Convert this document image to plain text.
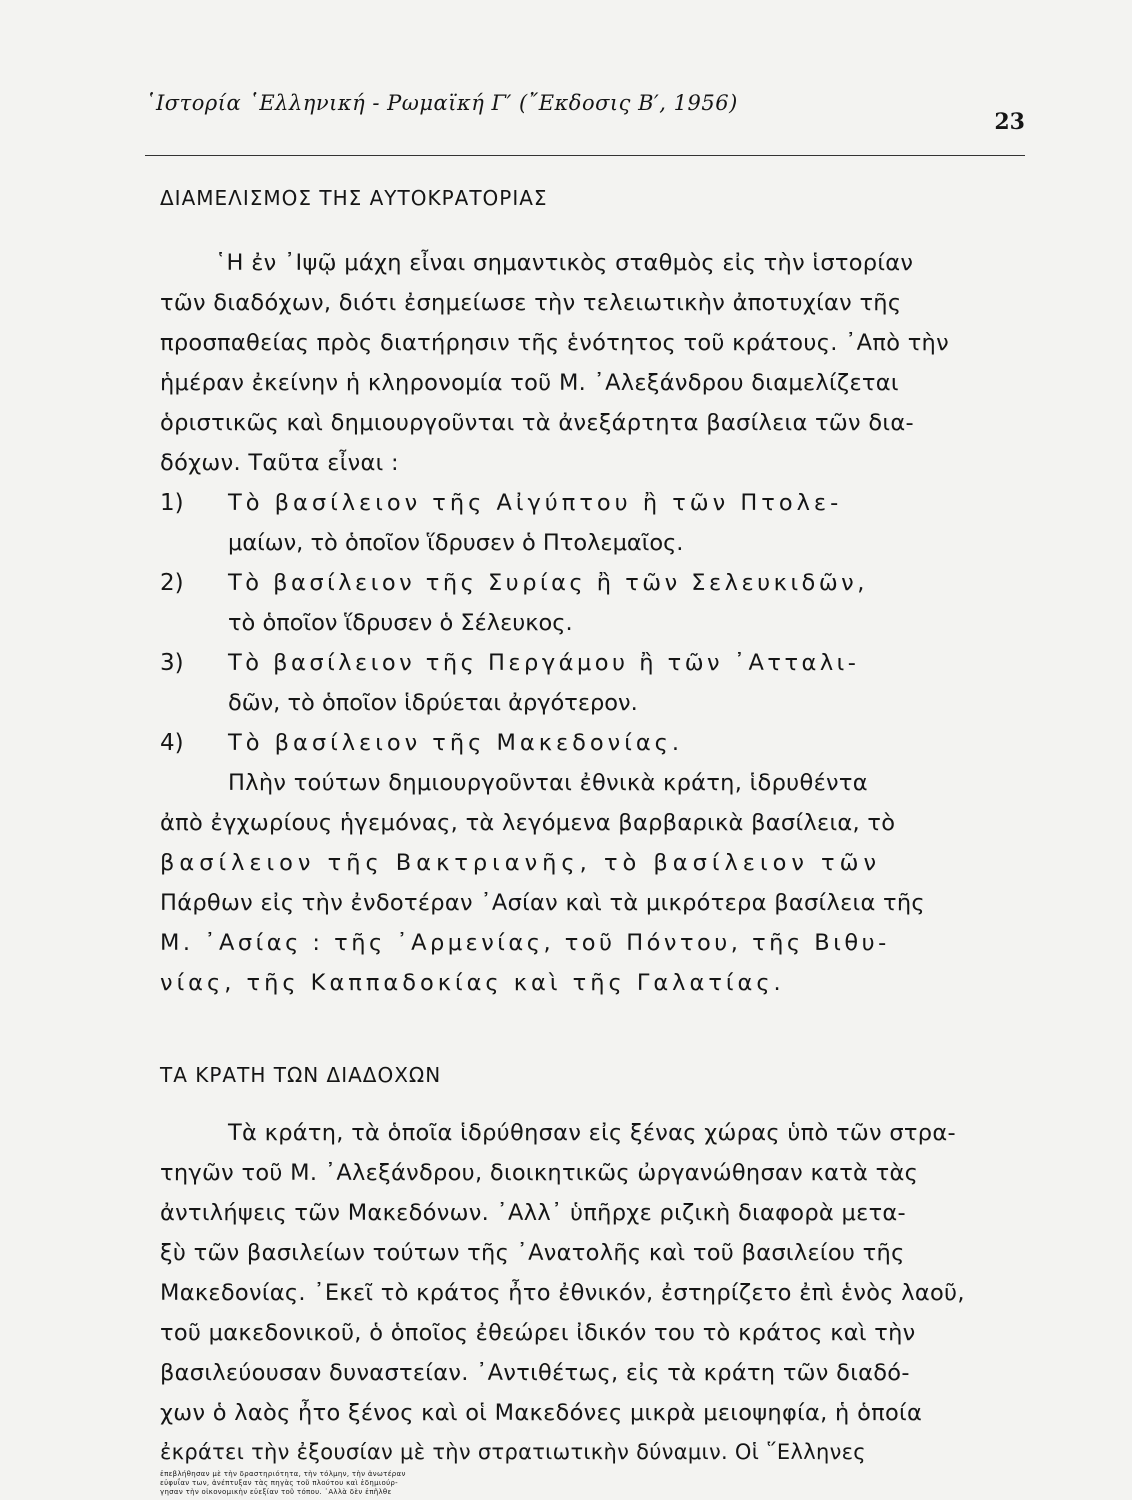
῾Ιστορία ῾Ελληνική - Ρωμαϊκή Γ′ (῎Εκδοσις Β′, 1956)
23
ΔΙΑΜΕΛΙΣΜΟΣ ΤΗΣ ΑΥΤΟΚΡΑΤΟΡΙΑΣ
῾Η ἐν ᾿Ιψῷ μάχη εἶναι σημαντικὸς σταθμὸς εἰς τὴν ἱστορίαν
τῶν διαδόχων, διότι ἐσημείωσε τὴν τελειωτικὴν ἀποτυχίαν τῆς
προσπαθείας πρὸς διατήρησιν τῆς ἑνότητος τοῦ κράτους. ᾿Απὸ τὴν
ἡμέραν ἐκείνην ἡ κληρονομία τοῦ Μ. ᾿Αλεξάνδρου διαμελίζεται
ὁριστικῶς καὶ δημιουργοῦνται τὰ ἀνεξάρτητα βασίλεια τῶν δια-
δόχων. Ταῦτα εἶναι :
1) Τὸ βασίλειον τῆς Αἰγύπτου ἢ τῶν Πτολε-
μαίων, τὸ ὁποῖον ἵδρυσεν ὁ Πτολεμαῖος.
2) Τὸ βασίλειον τῆς Συρίας ἢ τῶν Σελευκιδῶν,
τὸ ὁποῖον ἵδρυσεν ὁ Σέλευκος.
3) Τὸ βασίλειον τῆς Περγάμου ἢ τῶν ᾿Ατταλι-
δῶν, τὸ ὁποῖον ἱδρύεται ἀργότερον.
4) Τὸ βασίλειον τῆς Μακεδονίας.
Πλὴν τούτων δημιουργοῦνται ἐθνικὰ κράτη, ἱδρυθέντα
ἀπὸ ἐγχωρίους ἡγεμόνας, τὰ λεγόμενα βαρβαρικὰ βασίλεια, τὸ
βασίλειον τῆς Βακτριανῆς, τὸ βασίλειον τῶν
Πάρθων εἰς τὴν ἐνδοτέραν ᾿Ασίαν καὶ τὰ μικρότερα βασίλεια τῆς
Μ. ᾿Ασίας : τῆς ᾿Αρμενίας, τοῦ Πόντου, τῆς Βιθυ-
νίας, τῆς Καππαδοκίας καὶ τῆς Γαλατίας.
ΤΑ ΚΡΑΤΗ ΤΩΝ ΔΙΑΔΟΧΩΝ
Τὰ κράτη, τὰ ὁποῖα ἱδρύθησαν εἰς ξένας χώρας ὑπὸ τῶν στρα-
τηγῶν τοῦ Μ. ᾿Αλεξάνδρου, διοικητικῶς ὠργανώθησαν κατὰ τὰς
ἀντιλήψεις τῶν Μακεδόνων. ᾿Αλλ᾿ ὑπῆρχε ριζικὴ διαφορὰ μετα-
ξὺ τῶν βασιλείων τούτων τῆς ᾿Ανατολῆς καὶ τοῦ βασιλείου τῆς
Μακεδονίας. ᾿Εκεῖ τὸ κράτος ἦτο ἐθνικόν, ἐστηρίζετο ἐπὶ ἑνὸς λαοῦ,
τοῦ μακεδονικοῦ, ὁ ὁποῖος ἐθεώρει ἰδικόν του τὸ κράτος καὶ τὴν
βασιλεύουσαν δυναστείαν. ᾿Αντιθέτως, εἰς τὰ κράτη τῶν διαδό-
χων ὁ λαὸς ἦτο ξένος καὶ οἱ Μακεδόνες μικρὰ μειοψηφία, ἡ ὁποία
ἐκράτει τὴν ἐξουσίαν μὲ τὴν στρατιωτικὴν δύναμιν. Οἱ ῞Ελληνες
ἐπεβλήθησαν μὲ τὴν δραστηριότητα, τὴν τόλμην, τὴν ἀνωτέραν
εὐφυΐαν των, ἀνέπτυξαν τὰς πηγὰς τοῦ πλούτου καὶ ἐδημιούρ-
γησαν τὴν οἰκονομικὴν εὐεξίαν τοῦ τόπου. ᾿Αλλὰ δὲν ἐπῆλθε
